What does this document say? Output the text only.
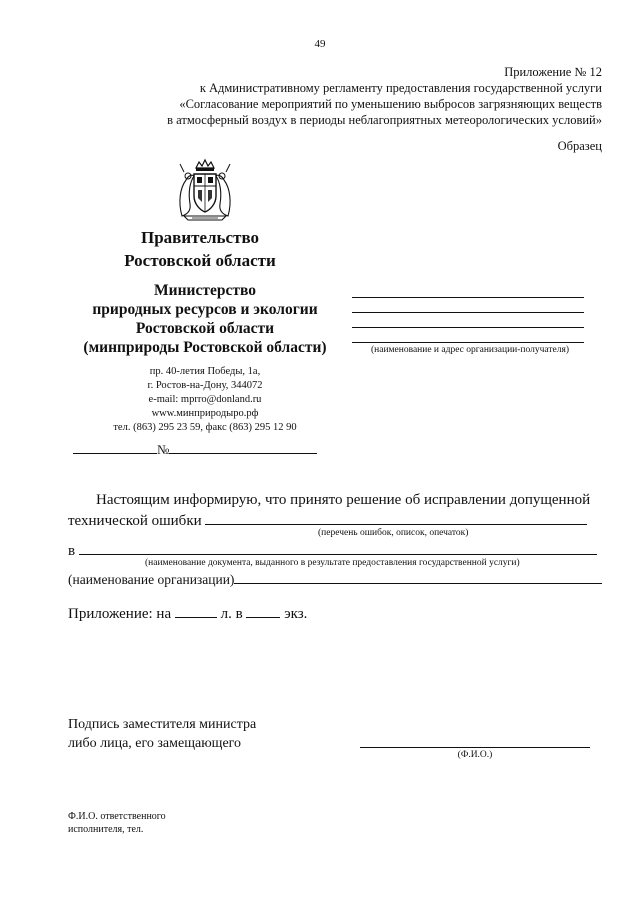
49
Приложение № 12
к Административному регламенту предоставления государственной услуги
«Согласование мероприятий по уменьшению выбросов загрязняющих веществ
в атмосферный воздух в периоды неблагоприятных метеорологических условий»
Образец
Правительство
Ростовской области
Министерство
природных ресурсов и экологии
Ростовской области
(минприроды Ростовской области)
пр. 40-летия Победы, 1а,
г. Ростов-на-Дону, 344072
e-mail: mprro@donland.ru
www.минприродыро.рф
тел. (863) 295 23 59, факс (863) 295 12 90
№
(наименование и адрес организации-получателя)
Настоящим информирую, что принято решение об исправлении допущенной
технической ошибки
(перечень ошибок, описок, опечаток)
в
(наименование документа, выданного в результате предоставления государственной услуги)
(наименование организации)
Приложение: на	л. в	экз.
Подпись заместителя министра
либо лица, его замещающего
(Ф.И.О.)
Ф.И.О. ответственного
исполнителя, тел.
